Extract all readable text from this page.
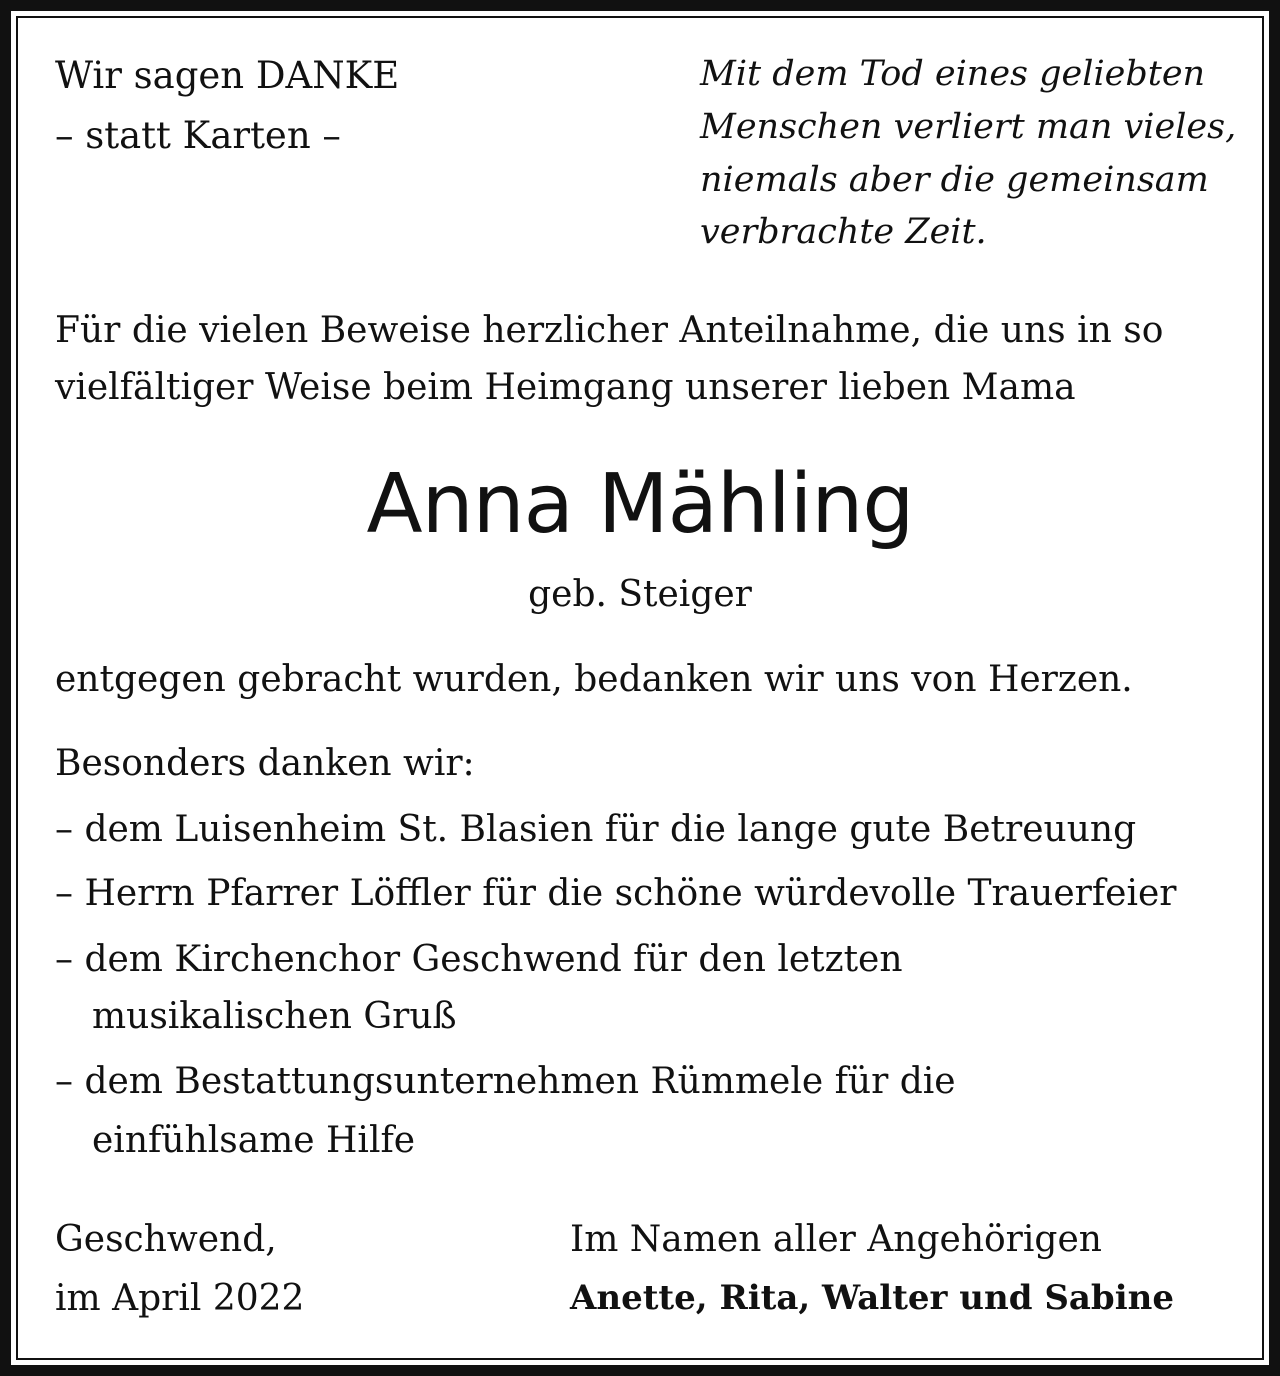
Wir sagen DANKE
– statt Karten –
Mit dem Tod eines geliebten
Menschen verliert man vieles,
niemals aber die gemeinsam
verbrachte Zeit.
Für die vielen Beweise herzlicher Anteilnahme, die uns in so
vielfältiger Weise beim Heimgang unserer lieben Mama
Anna Mähling
geb. Steiger
entgegen gebracht wurden, bedanken wir uns von Herzen.
Besonders danken wir:
– dem Luisenheim St. Blasien für die lange gute Betreuung
– Herrn Pfarrer Löffler für die schöne würdevolle Trauerfeier
– dem Kirchenchor Geschwend für den letzten
musikalischen Gruß
– dem Bestattungsunternehmen Rümmele für die
einfühlsame Hilfe
Geschwend,
im April 2022
Im Namen aller Angehörigen
Anette, Rita, Walter und Sabine
